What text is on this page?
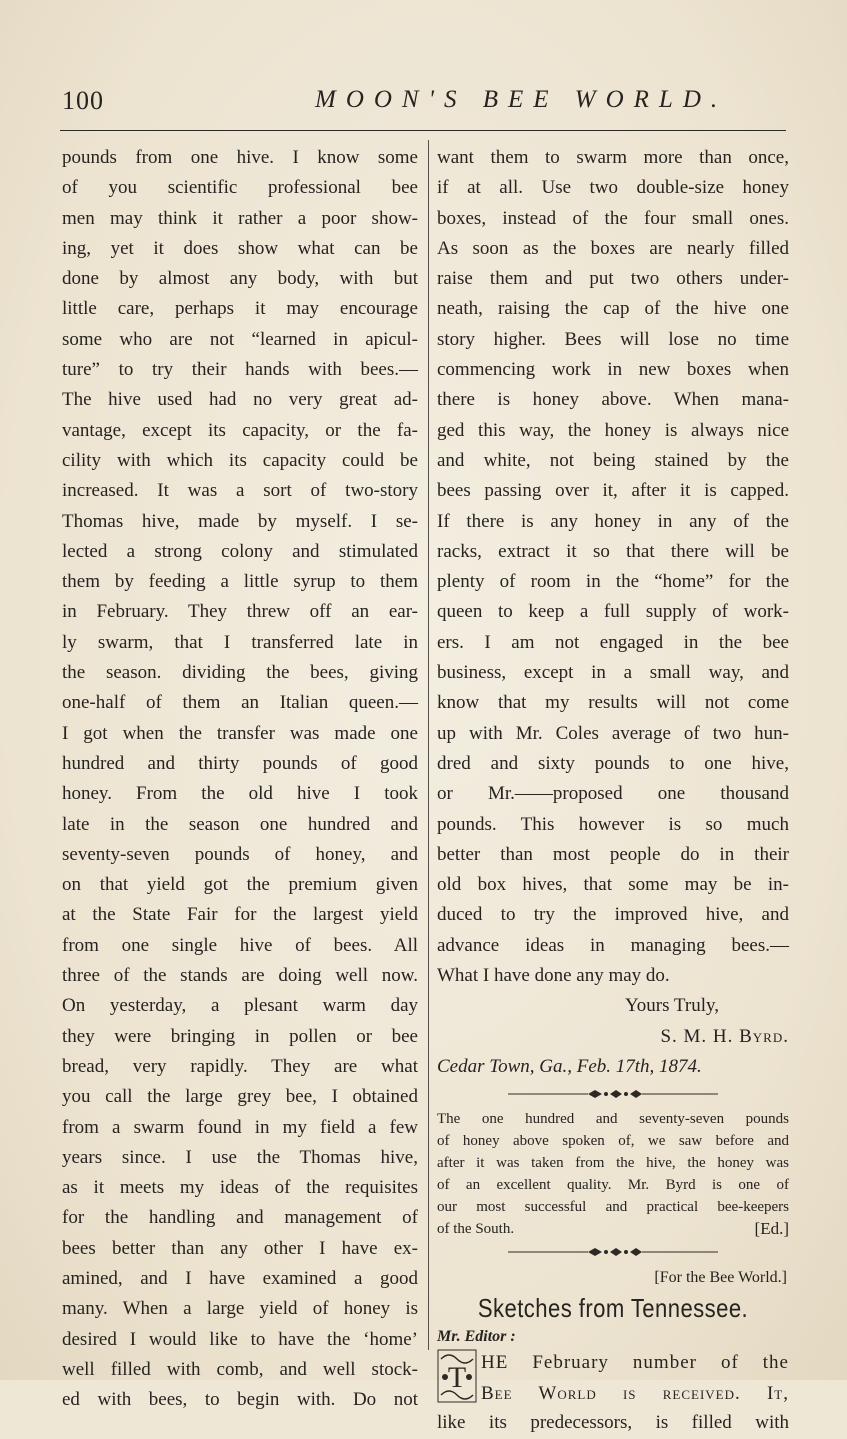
100	MOON'S BEE WORLD.
pounds from one hive. I know some
of you scientific professional bee
men may think it rather a poor show-
ing, yet it does show what can be
done by almost any body, with but
little care, perhaps it may encourage
some who are not “learned in apicul-
ture” to try their hands with bees.—
The hive used had no very great ad-
vantage, except its capacity, or the fa-
cility with which its capacity could be
increased. It was a sort of two-story
Thomas hive, made by myself. I se-
lected a strong colony and stimulated
them by feeding a little syrup to them
in February. They threw off an ear-
ly swarm, that I transferred late in
the season. dividing the bees, giving
one-half of them an Italian queen.—
I got when the transfer was made one
hundred and thirty pounds of good
honey. From the old hive I took
late in the season one hundred and
seventy-seven pounds of honey, and
on that yield got the premium given
at the State Fair for the largest yield
from one single hive of bees. All
three of the stands are doing well now.
On yesterday, a plesant warm day
they were bringing in pollen or bee
bread, very rapidly. They are what
you call the large grey bee, I obtained
from a swarm found in my field a few
years since. I use the Thomas hive,
as it meets my ideas of the requisites
for the handling and management of
bees better than any other I have ex-
amined, and I have examined a good
many. When a large yield of honey is
desired I would like to have the ‘home’
well filled with comb, and well stock-
ed with bees, to begin with. Do not
want them to swarm more than once,
if at all. Use two double-size honey
boxes, instead of the four small ones.
As soon as the boxes are nearly filled
raise them and put two others under-
neath, raising the cap of the hive one
story higher. Bees will lose no time
commencing work in new boxes when
there is honey above. When mana-
ged this way, the honey is always nice
and white, not being stained by the
bees passing over it, after it is capped.
If there is any honey in any of the
racks, extract it so that there will be
plenty of room in the “home” for the
queen to keep a full supply of work-
ers. I am not engaged in the bee
business, except in a small way, and
know that my results will not come
up with Mr. Coles average of two hun-
dred and sixty pounds to one hive,
or Mr.——proposed one thousand
pounds. This however is so much
better than most people do in their
old box hives, that some may be in-
duced to try the improved hive, and
advance ideas in managing bees.—
What I have done any may do.
Yours Truly,
S. M. H. Byrd.
Cedar Town, Ga., Feb. 17th, 1874.
The one hundred and seventy-seven pounds
of honey above spoken of, we saw before and
after it was taken from the hive, the honey was
of an excellent quality. Mr. Byrd is one of
our most successful and practical bee-keepers
of the South.	[Ed.]
[For the Bee World.]
Sketches from Tennessee.
Mr. Editor :
T HE February number of the
Bee World is received. It,
like its predecessors, is filled with
